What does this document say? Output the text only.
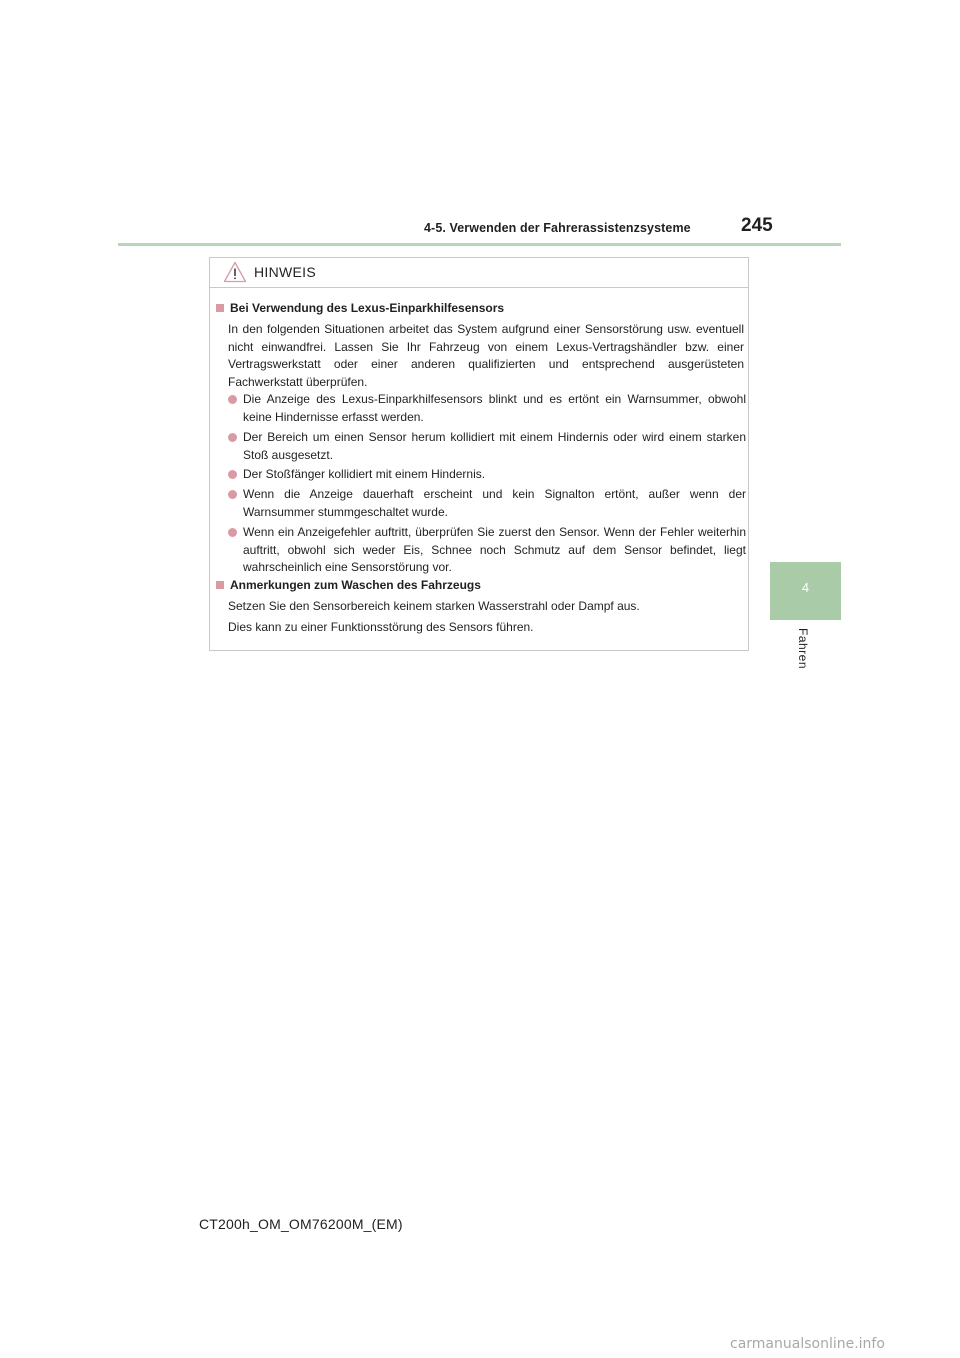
4-5. Verwenden der Fahrerassistenzsysteme	245
4
Fahren
HINWEIS
Bei Verwendung des Lexus-Einparkhilfesensors
In den folgenden Situationen arbeitet das System aufgrund einer Sensorstörung usw. eventuell nicht einwandfrei. Lassen Sie Ihr Fahrzeug von einem Lexus-Vertragshändler bzw. einer Vertragswerkstatt oder einer anderen qualifizierten und entsprechend ausgerüsteten Fachwerkstatt überprüfen.
Die Anzeige des Lexus-Einparkhilfesensors blinkt und es ertönt ein Warnsummer, obwohl keine Hindernisse erfasst werden.
Der Bereich um einen Sensor herum kollidiert mit einem Hindernis oder wird einem starken Stoß ausgesetzt.
Der Stoßfänger kollidiert mit einem Hindernis.
Wenn die Anzeige dauerhaft erscheint und kein Signalton ertönt, außer wenn der Warnsummer stummgeschaltet wurde.
Wenn ein Anzeigefehler auftritt, überprüfen Sie zuerst den Sensor. Wenn der Fehler weiterhin auftritt, obwohl sich weder Eis, Schnee noch Schmutz auf dem Sensor befindet, liegt wahrscheinlich eine Sensorstörung vor.
Anmerkungen zum Waschen des Fahrzeugs
Setzen Sie den Sensorbereich keinem starken Wasserstrahl oder Dampf aus.
Dies kann zu einer Funktionsstörung des Sensors führen.
CT200h_OM_OM76200M_(EM)
carmanualsonline.info
